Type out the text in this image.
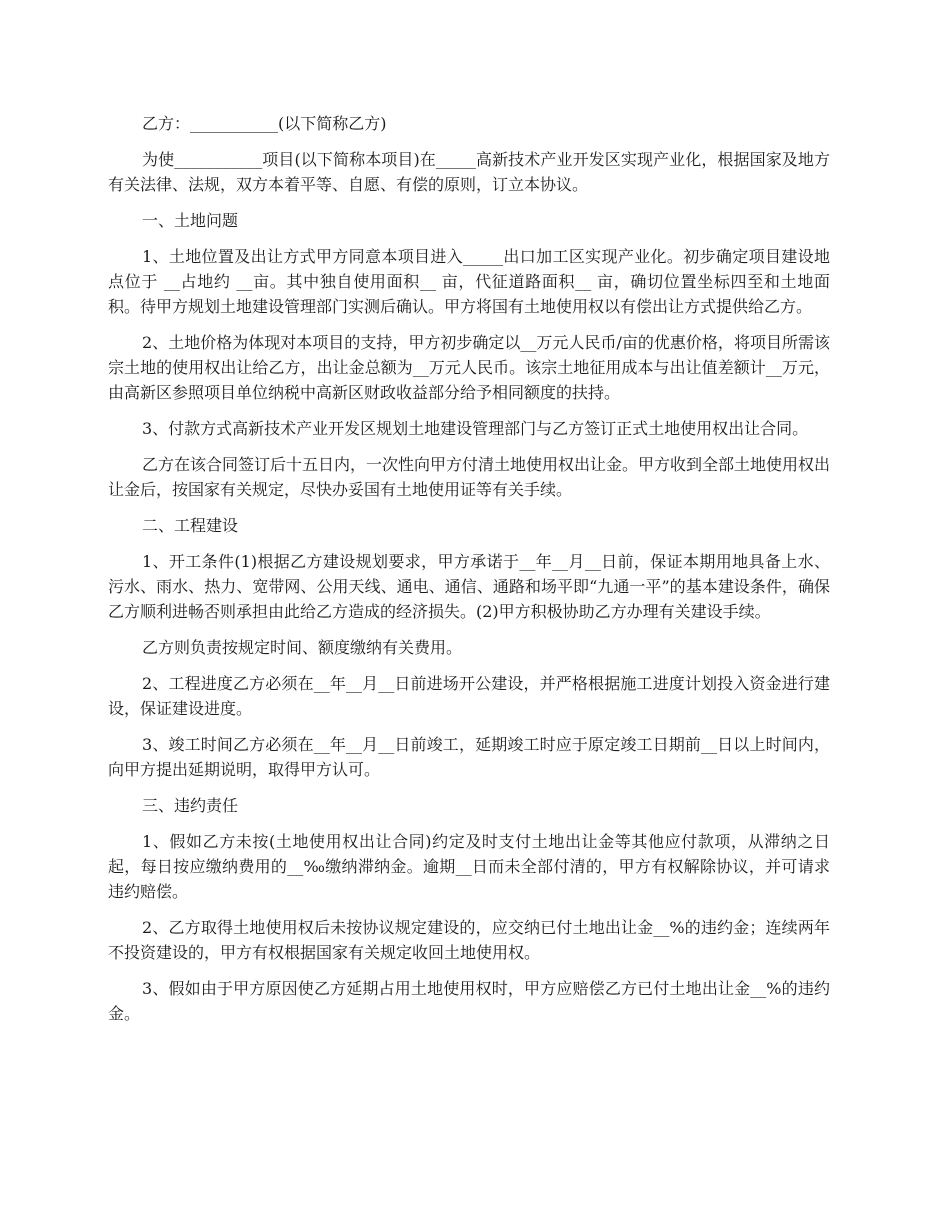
乙方：___________(以下简称乙方)

为使___________项目(以下简称本项目)在_____高新技术产业开发区实现产业化，根据国家及地方有关法律、法规，双方本着平等、自愿、有偿的原则，订立本协议。

一、土地问题

1、土地位置及出让方式甲方同意本项目进入_____出口加工区实现产业化。初步确定项目建设地点位于 __占地约 __亩。其中独自使用面积__ 亩，代征道路面积__ 亩，确切位置坐标四至和土地面积。待甲方规划土地建设管理部门实测后确认。甲方将国有土地使用权以有偿出让方式提供给乙方。

2、土地价格为体现对本项目的支持，甲方初步确定以__万元人民币/亩的优惠价格，将项目所需该宗土地的使用权出让给乙方，出让金总额为__万元人民币。该宗土地征用成本与出让值差额计__万元，由高新区参照项目单位纳税中高新区财政收益部分给予相同额度的扶持。

3、付款方式高新技术产业开发区规划土地建设管理部门与乙方签订正式土地使用权出让合同。

乙方在该合同签订后十五日内，一次性向甲方付清土地使用权出让金。甲方收到全部土地使用权出让金后，按国家有关规定，尽快办妥国有土地使用证等有关手续。

二、工程建设

1、开工条件(1)根据乙方建设规划要求，甲方承诺于__年__月__日前，保证本期用地具备上水、污水、雨水、热力、宽带网、公用天线、通电、通信、通路和场平即“九通一平”的基本建设条件，确保乙方顺利进畅否则承担由此给乙方造成的经济损失。(2)甲方积极协助乙方办理有关建设手续。

乙方则负责按规定时间、额度缴纳有关费用。

2、工程进度乙方必须在__年__月__日前进场开公建设，并严格根据施工进度计划投入资金进行建设，保证建设进度。

3、竣工时间乙方必须在__年__月__日前竣工，延期竣工时应于原定竣工日期前__日以上时间内，向甲方提出延期说明，取得甲方认可。

三、违约责任

1、假如乙方未按(土地使用权出让合同)约定及时支付土地出让金等其他应付款项，从滞纳之日起，每日按应缴纳费用的__‰缴纳滞纳金。逾期__日而未全部付清的，甲方有权解除协议，并可请求违约赔偿。

2、乙方取得土地使用权后未按协议规定建设的，应交纳已付土地出让金__%的违约金；连续两年不投资建设的，甲方有权根据国家有关规定收回土地使用权。

3、假如由于甲方原因使乙方延期占用土地使用权时，甲方应赔偿乙方已付土地出让金__%的违约金。
